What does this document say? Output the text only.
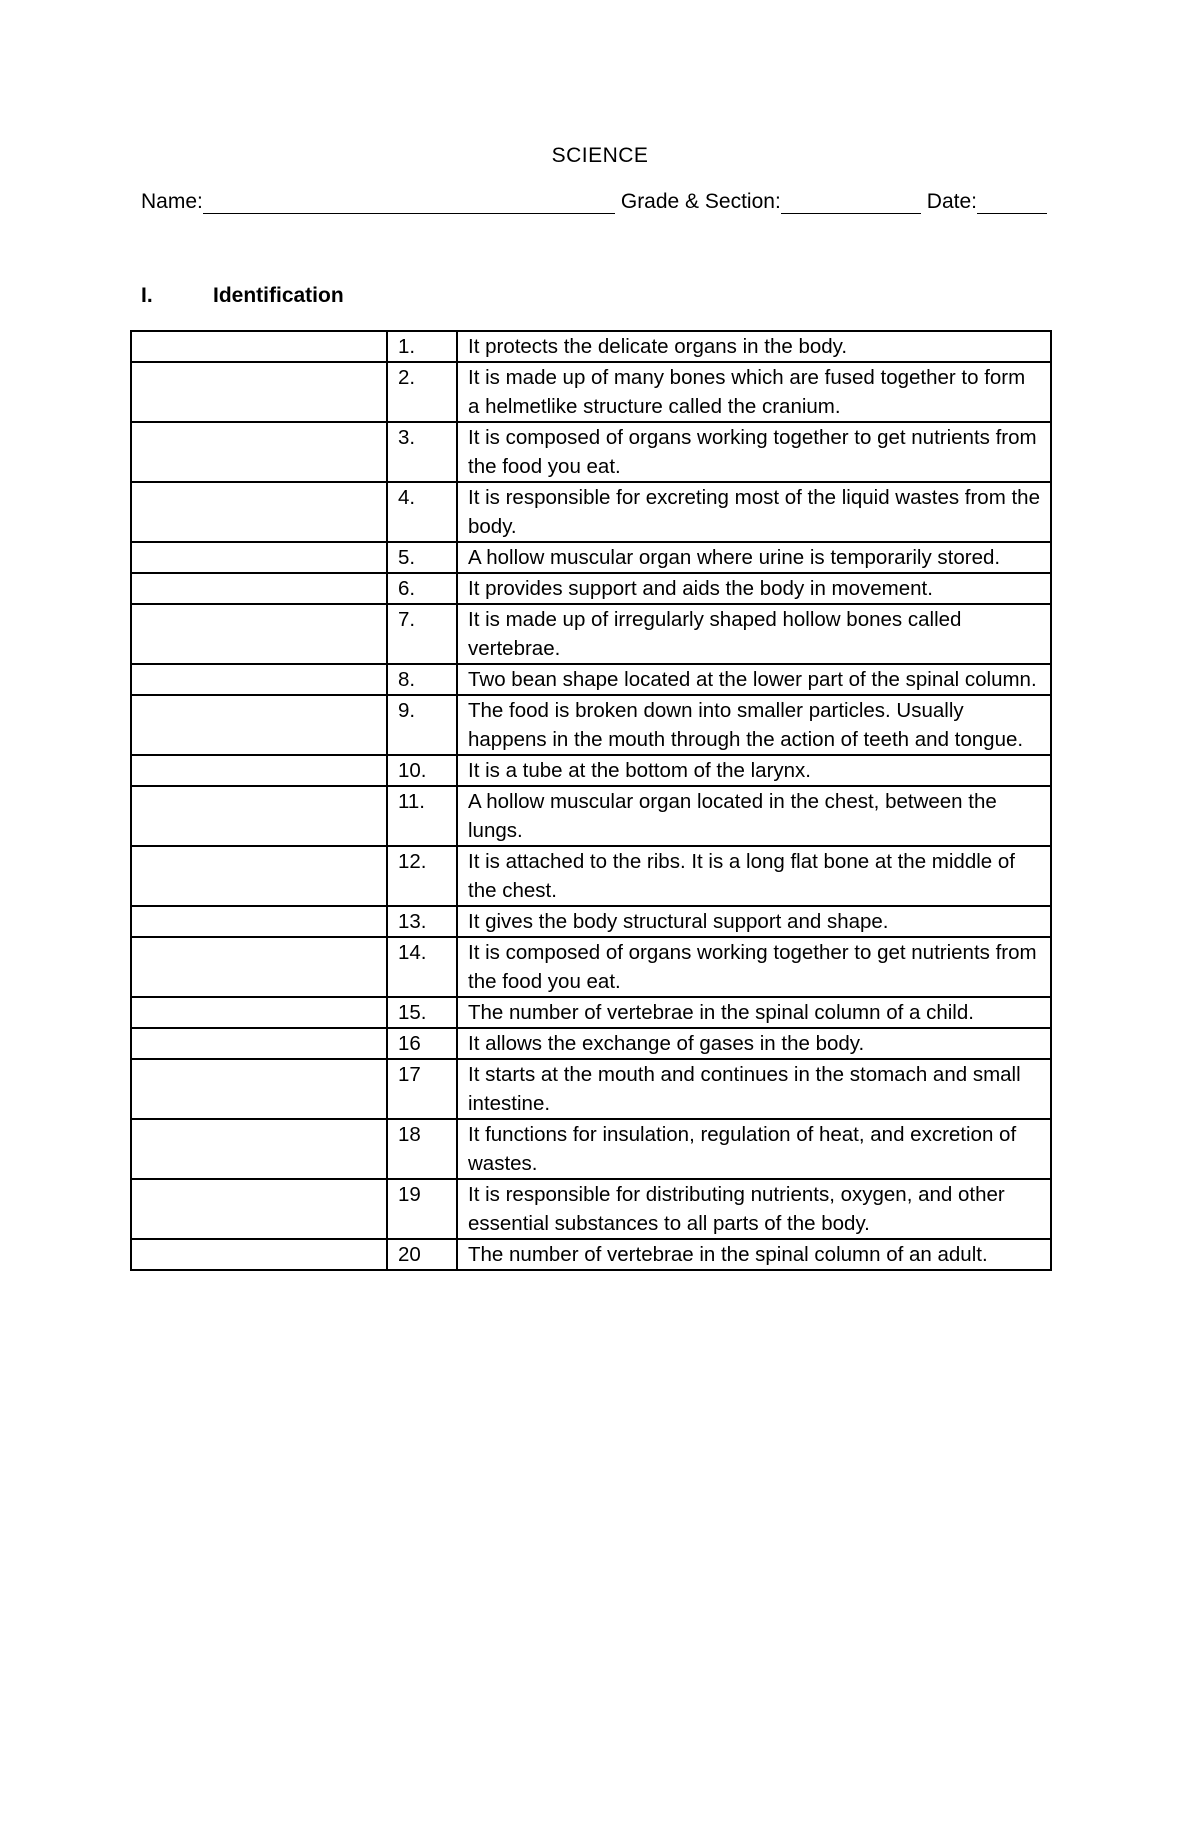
SCIENCE
Name:	Grade & Section:	Date:
I.	Identification
	1.	It protects the delicate organs in the body.
	2.	It is made up of many bones which are fused together to form a helmetlike structure called the cranium.
	3.	It is composed of organs working together to get nutrients from the food you eat.
	4.	It is responsible for excreting most of the liquid wastes from the body.
	5.	A hollow muscular organ where urine is temporarily stored.
	6.	It provides support and aids the body in movement.
	7.	It is made up of irregularly shaped hollow bones called vertebrae.
	8.	Two bean shape located at the lower part of the spinal column.
	9.	The food is broken down into smaller particles. Usually happens in the mouth through the action of teeth and tongue.
	10.	It is a tube at the bottom of the larynx.
	11.	A hollow muscular organ located in the chest, between the lungs.
	12.	It is attached to the ribs. It is a long flat bone at the middle of the chest.
	13.	It gives the body structural support and shape.
	14.	It is composed of organs working together to get nutrients from the food you eat.
	15.	The number of vertebrae in the spinal column of a child.
	16	It allows the exchange of gases in the body.
	17	It starts at the mouth and continues in the stomach and small intestine.
	18	It functions for insulation, regulation of heat, and excretion of wastes.
	19	It is responsible for distributing nutrients, oxygen, and other essential substances to all parts of the body.
	20	The number of vertebrae in the spinal column of an adult.
